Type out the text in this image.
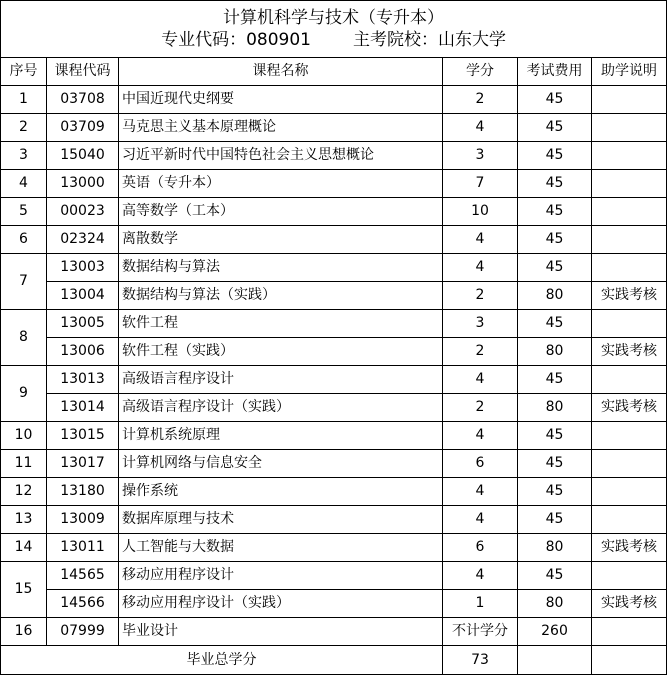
计算机科学与技术（专升本）
专业代码：080901 主考院校：山东大学					

序号	课程代码	课程名称	学分	考试费用	助学说明
1	03708	中国近现代史纲要	2	45	
2	03709	马克思主义基本原理概论	4	45	
3	15040	习近平新时代中国特色社会主义思想概论	3	45	
4	13000	英语（专升本）	7	45	
5	00023	高等数学（工本）	10	45	
6	02324	离散数学	4	45	
7	13003	数据结构与算法	4	45	
	13004	数据结构与算法（实践）	2	80	实践考核
8	13005	软件工程	3	45	
	13006	软件工程（实践）	2	80	实践考核
9	13013	高级语言程序设计	4	45	
	13014	高级语言程序设计（实践）	2	80	实践考核
10	13015	计算机系统原理	4	45	
11	13017	计算机网络与信息安全	6	45	
12	13180	操作系统	4	45	
13	13009	数据库原理与技术	4	45	
14	13011	人工智能与大数据	6	80	实践考核
15	14565	移动应用程序设计	4	45	
	14566	移动应用程序设计（实践）	1	80	实践考核
16	07999	毕业设计	不计学分	260	
毕业总学分			73		
